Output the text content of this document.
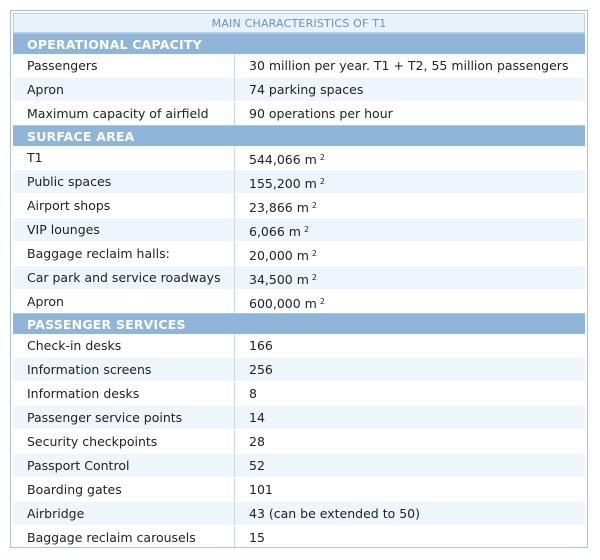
MAIN CHARACTERISTICS OF T1
OPERATIONAL CAPACITY
Passengers	30 million per year. T1 + T2, 55 million passengers
Apron	74 parking spaces
Maximum capacity of airfield	90 operations per hour
SURFACE AREA
T1	544,066 m $^2$
Public spaces	155,200 m $^2$
Airport shops	23,866 m $^2$
VIP lounges	6,066 m $^2$
Baggage reclaim halls:	20,000 m $^2$
Car park and service roadways	34,500 m $^2$
Apron	600,000 m $^2$
PASSENGER SERVICES
Check-in desks	166
Information screens	256
Information desks	8
Passenger service points	14
Security checkpoints	28
Passport Control	52
Boarding gates	101
Airbridge	43 (can be extended to 50)
Baggage reclaim carousels	15
